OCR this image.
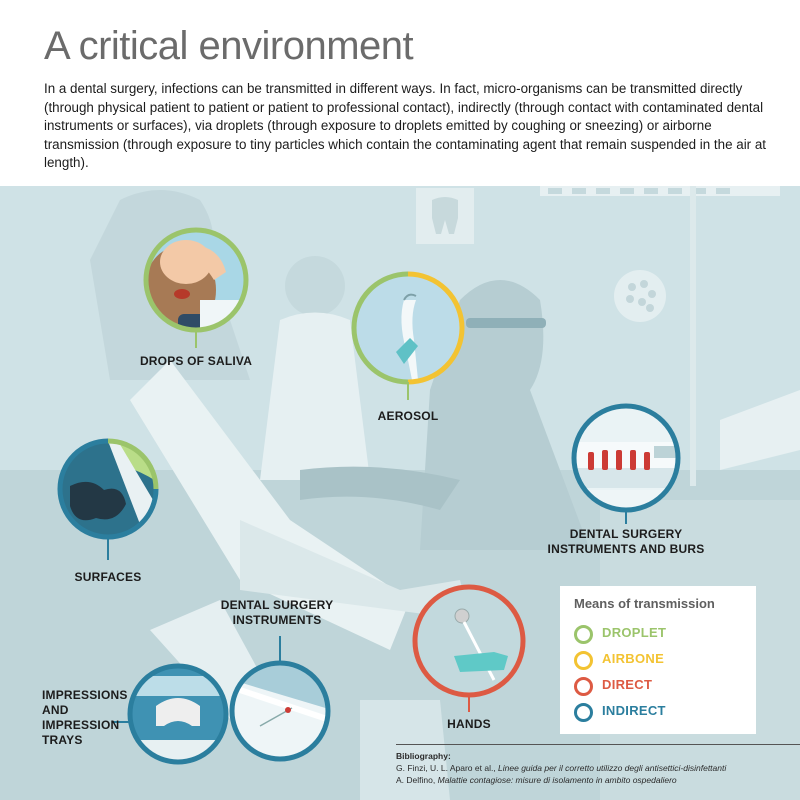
A critical environment

In a dental surgery, infections can be transmitted in different ways. In fact, micro-organisms can be transmitted directly (through physical patient to patient or patient to professional contact), indirectly (through contact with contaminated dental instruments or surfaces), via droplets (through exposure to droplets emitted by coughing or sneezing) or airborne transmission (through exposure to tiny particles which contain the contaminating agent that remain suspended in the air at length).

DROPS OF SALIVA
AEROSOL
DENTAL SURGERY
INSTRUMENTS AND BURS
SURFACES
DENTAL SURGERY
INSTRUMENTS
HANDS
IMPRESSIONS
AND
IMPRESSION
TRAYS
Means of transmission
DROPLET
AIRBONE
DIRECT
INDIRECT
Bibliography:
G. Finzi, U. L. Aparo et al., Linee guida per il corretto utilizzo degli antisettici-disinfettanti
A. Delfino, Malattie contagiose: misure di isolamento in ambito ospedaliero
